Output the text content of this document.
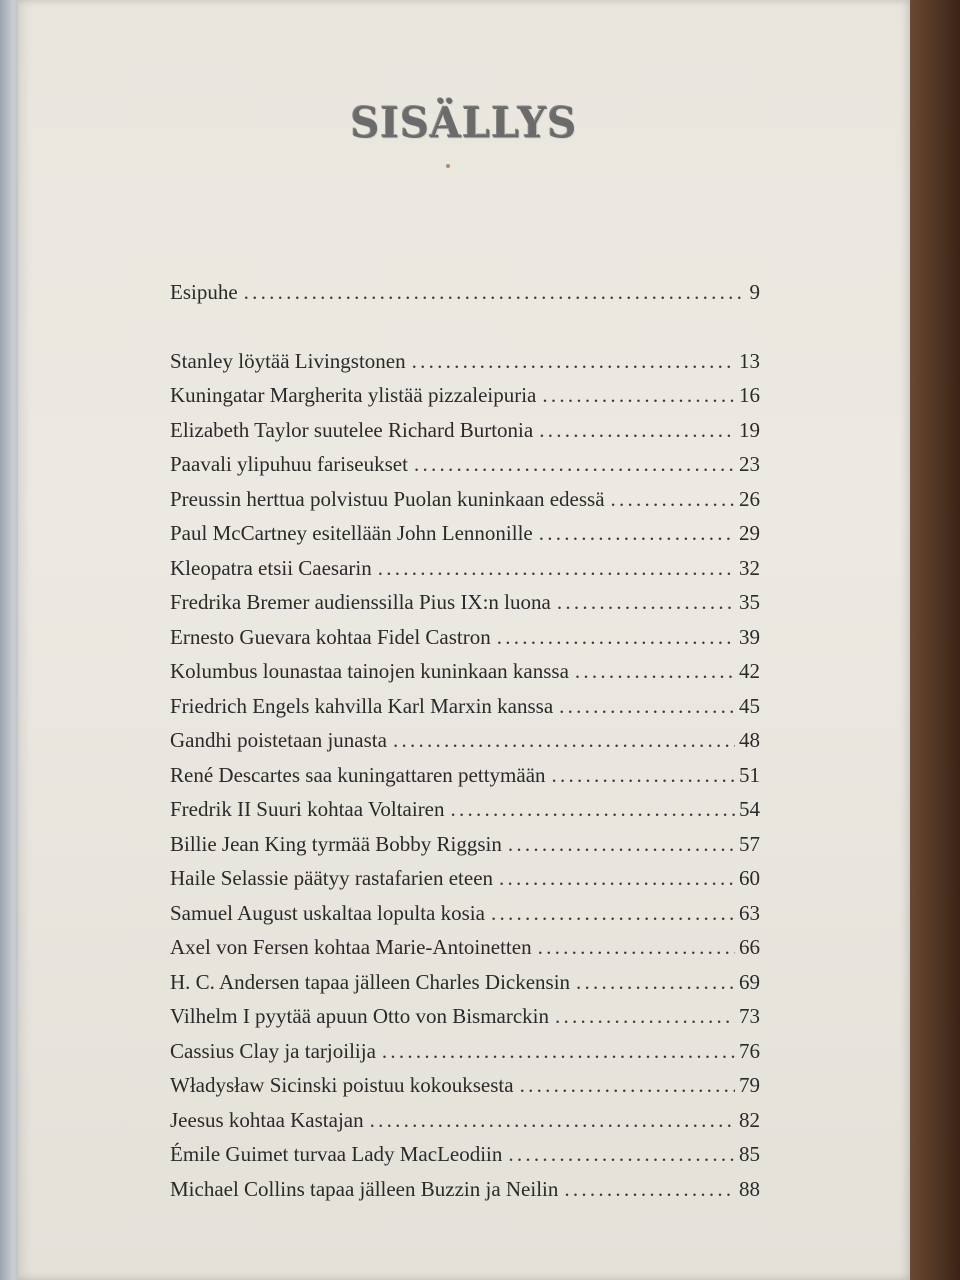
SISÄLLYS
Esipuhe . . .	9
Stanley löytää Livingstonen . . .	13
Kuningatar Margherita ylistää pizzaleipuria . . .	16
Elizabeth Taylor suutelee Richard Burtonia . . .	19
Paavali ylipuhuu fariseukset . . .	23
Preussin herttua polvistuu Puolan kuninkaan edessä . . .	26
Paul McCartney esitellään John Lennonille . . .	29
Kleopatra etsii Caesarin . . .	32
Fredrika Bremer audienssilla Pius IX:n luona . . .	35
Ernesto Guevara kohtaa Fidel Castron . . .	39
Kolumbus lounastaa tainojen kuninkaan kanssa . . .	42
Friedrich Engels kahvilla Karl Marxin kanssa . . .	45
Gandhi poistetaan junasta . . .	48
René Descartes saa kuningattaren pettymään . . .	51
Fredrik II Suuri kohtaa Voltairen . . .	54
Billie Jean King tyrmää Bobby Riggsin . . .	57
Haile Selassie päätyy rastafarien eteen . . .	60
Samuel August uskaltaa lopulta kosia . . .	63
Axel von Fersen kohtaa Marie-Antoinetten . . .	66
H. C. Andersen tapaa jälleen Charles Dickensin . . .	69
Vilhelm I pyytää apuun Otto von Bismarckin . . .	73
Cassius Clay ja tarjoilija . . .	76
Władysław Sicinski poistuu kokouksesta . . .	79
Jeesus kohtaa Kastajan . . .	82
Émile Guimet turvaa Lady MacLeodiin . . .	85
Michael Collins tapaa jälleen Buzzin ja Neilin . . .	88
